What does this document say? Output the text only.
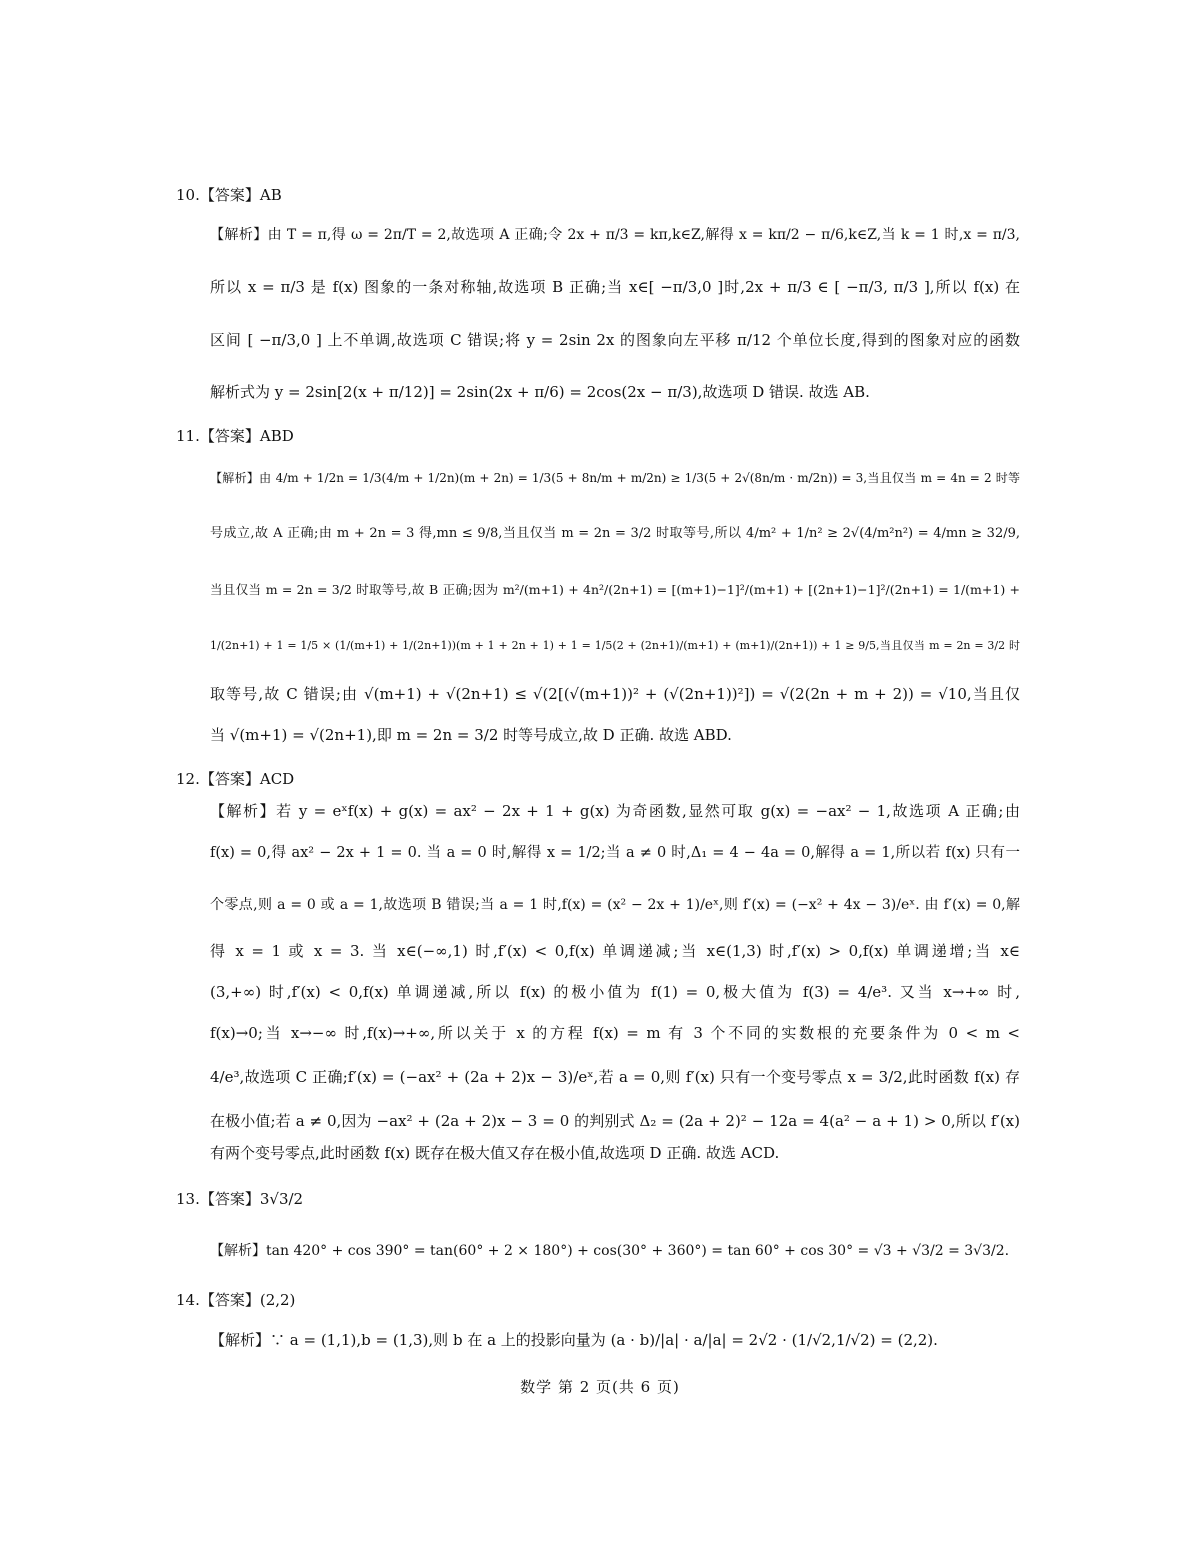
10.【答案】AB
【解析】由 T = π,得 ω = 2π/T = 2,故选项 A 正确;令 2x + π/3 = kπ,k∈Z,解得 x = kπ/2 − π/6,k∈Z,当 k = 1 时,x = π/3,
所以 x = π/3 是 f(x) 图象的一条对称轴,故选项 B 正确;当 x∈[ −π/3,0 ]时,2x + π/3 ∈ [ −π/3, π/3 ],所以 f(x) 在
区间 [ −π/3,0 ] 上不单调,故选项 C 错误;将 y = 2sin 2x 的图象向左平移 π/12 个单位长度,得到的图象对应的函数
解析式为 y = 2sin[2(x + π/12)] = 2sin(2x + π/6) = 2cos(2x − π/3),故选项 D 错误. 故选 AB.
11.【答案】ABD
【解析】由 4/m + 1/2n = 1/3(4/m + 1/2n)(m + 2n) = 1/3(5 + 8n/m + m/2n) ≥ 1/3(5 + 2√(8n/m · m/2n)) = 3,当且仅当 m = 4n = 2 时等
号成立,故 A 正确;由 m + 2n = 3 得,mn ≤ 9/8,当且仅当 m = 2n = 3/2 时取等号,所以 4/m² + 1/n² ≥ 2√(4/m²n²) = 4/mn ≥ 32/9,
当且仅当 m = 2n = 3/2 时取等号,故 B 正确;因为 m²/(m+1) + 4n²/(2n+1) = [(m+1)−1]²/(m+1) + [(2n+1)−1]²/(2n+1) = 1/(m+1) +
1/(2n+1) + 1 = 1/5 × (1/(m+1) + 1/(2n+1))(m + 1 + 2n + 1) + 1 = 1/5(2 + (2n+1)/(m+1) + (m+1)/(2n+1)) + 1 ≥ 9/5,当且仅当 m = 2n = 3/2 时
取等号,故 C 错误;由 √(m+1) + √(2n+1) ≤ √(2[(√(m+1))² + (√(2n+1))²]) = √(2(2n + m + 2)) = √10,当且仅
当 √(m+1) = √(2n+1),即 m = 2n = 3/2 时等号成立,故 D 正确. 故选 ABD.
12.【答案】ACD
【解析】若 y = eˣf(x) + g(x) = ax² − 2x + 1 + g(x) 为奇函数,显然可取 g(x) = −ax² − 1,故选项 A 正确;由
f(x) = 0,得 ax² − 2x + 1 = 0. 当 a = 0 时,解得 x = 1/2;当 a ≠ 0 时,Δ₁ = 4 − 4a = 0,解得 a = 1,所以若 f(x) 只有一
个零点,则 a = 0 或 a = 1,故选项 B 错误;当 a = 1 时,f(x) = (x² − 2x + 1)/eˣ,则 f′(x) = (−x² + 4x − 3)/eˣ. 由 f′(x) = 0,解
得 x = 1 或 x = 3. 当 x∈(−∞,1) 时,f′(x) < 0,f(x) 单调递减;当 x∈(1,3) 时,f′(x) > 0,f(x) 单调递增;当 x∈
(3,+∞) 时,f′(x) < 0,f(x) 单调递减,所以 f(x) 的极小值为 f(1) = 0,极大值为 f(3) = 4/e³. 又当 x→+∞ 时,
f(x)→0;当 x→−∞ 时,f(x)→+∞,所以关于 x 的方程 f(x) = m 有 3 个不同的实数根的充要条件为 0 < m <
4/e³,故选项 C 正确;f′(x) = (−ax² + (2a + 2)x − 3)/eˣ,若 a = 0,则 f′(x) 只有一个变号零点 x = 3/2,此时函数 f(x) 存
在极小值;若 a ≠ 0,因为 −ax² + (2a + 2)x − 3 = 0 的判别式 Δ₂ = (2a + 2)² − 12a = 4(a² − a + 1) > 0,所以 f′(x)
有两个变号零点,此时函数 f(x) 既存在极大值又存在极小值,故选项 D 正确. 故选 ACD.
13.【答案】3√3/2
【解析】tan 420° + cos 390° = tan(60° + 2 × 180°) + cos(30° + 360°) = tan 60° + cos 30° = √3 + √3/2 = 3√3/2.
14.【答案】(2,2)
【解析】∵ a = (1,1),b = (1,3),则 b 在 a 上的投影向量为 (a · b)/|a| · a/|a| = 2√2 · (1/√2,1/√2) = (2,2).
数学 第 2 页(共 6 页)
